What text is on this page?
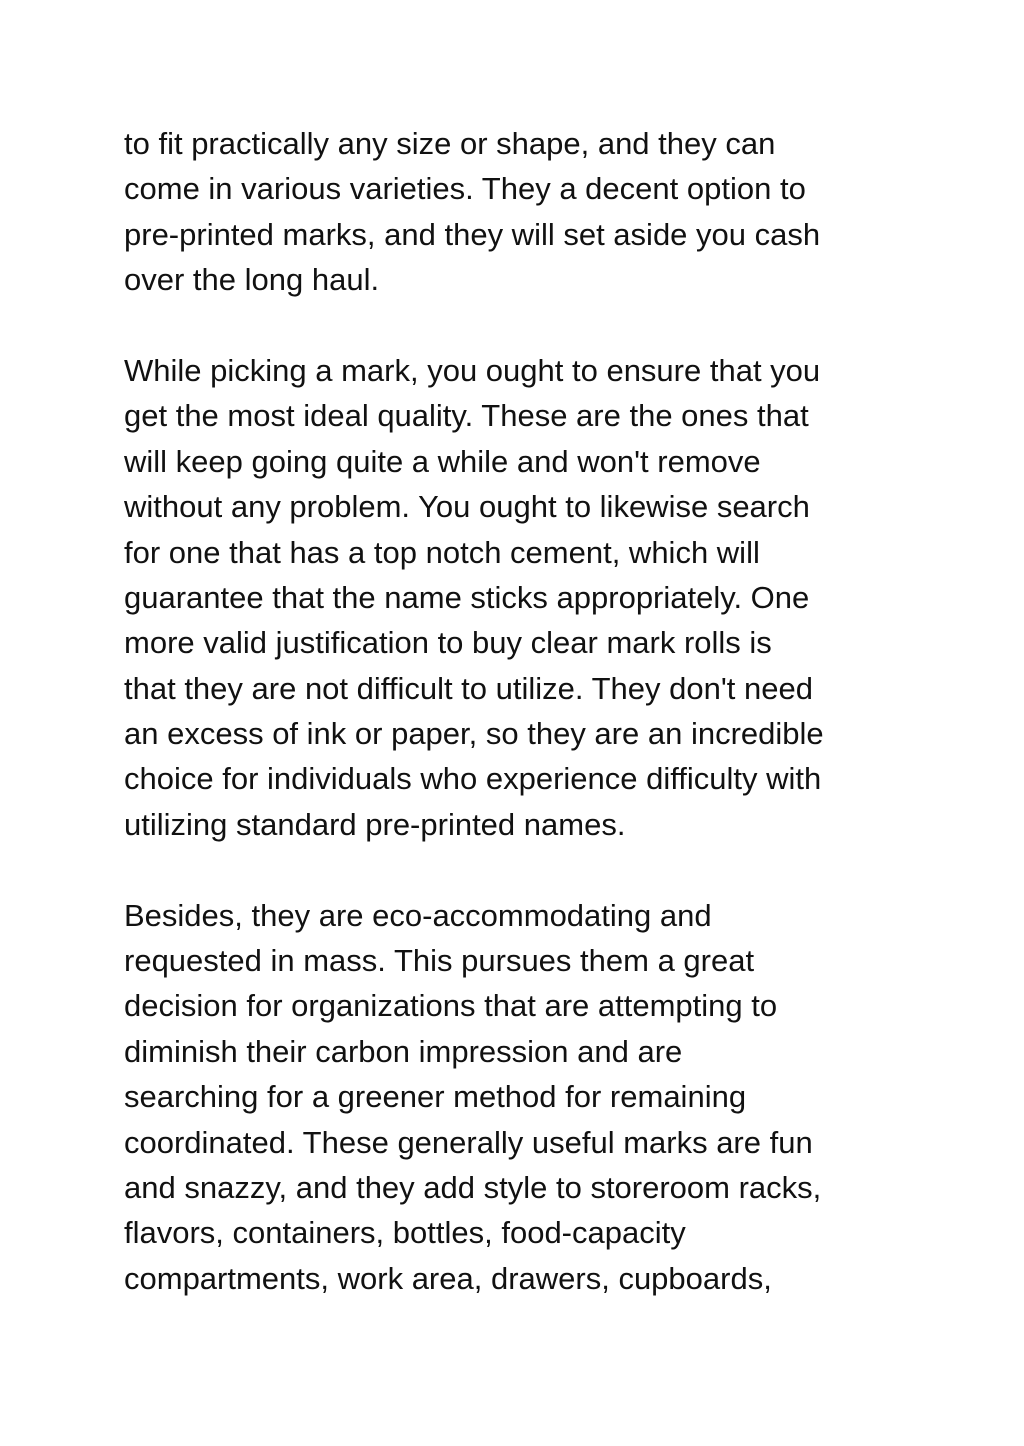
to fit practically any size or shape, and they can
come in various varieties. They a decent option to
pre-printed marks, and they will set aside you cash
over the long haul.

While picking a mark, you ought to ensure that you
get the most ideal quality. These are the ones that
will keep going quite a while and won't remove
without any problem. You ought to likewise search
for one that has a top notch cement, which will
guarantee that the name sticks appropriately. One
more valid justification to buy clear mark rolls is
that they are not difficult to utilize. They don't need
an excess of ink or paper, so they are an incredible
choice for individuals who experience difficulty with
utilizing standard pre-printed names.

Besides, they are eco-accommodating and
requested in mass. This pursues them a great
decision for organizations that are attempting to
diminish their carbon impression and are
searching for a greener method for remaining
coordinated. These generally useful marks are fun
and snazzy, and they add style to storeroom racks,
flavors, containers, bottles, food-capacity
compartments, work area, drawers, cupboards,
